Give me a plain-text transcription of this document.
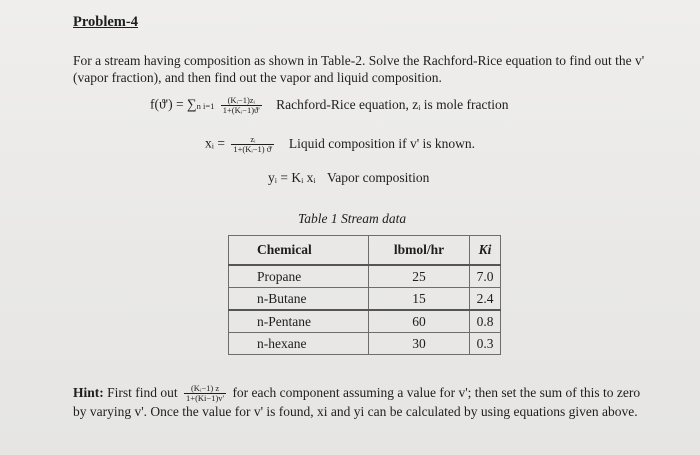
Problem-4
For a stream having composition as shown in Table-2. Solve the Rachford-Rice equation to find out the v' (vapor fraction), and then find out the vapor and liquid composition.
f(ϑ') = ∑n $i=1 \frac{\text{(Kᵢ−1)zᵢ}}{\text{1+(Kᵢ−1)ϑ'}}$ Rachford-Rice equation, zᵢ is mole fraction
xᵢ = $\frac{\text{zᵢ}}{\text{1+(Kᵢ−1) ϑ'}}$ Liquid composition if v' is known.
yᵢ = Kᵢ xᵢ Vapor composition
Table 1 Stream data
Chemical	lbmol/hr	Ki
Propane	25	7.0
n-Butane	15	2.4
n-Pentane	60	0.8
n-hexane	30	0.3
Hint: First find out $\frac{\text{(Kᵢ−1) z}}{1+(Ki-1)v'}$ for each component assuming a value for v'; then set the sum of this to zero by varying v'. Once the value for v' is found, xi and yi can be calculated by using equations given above.
